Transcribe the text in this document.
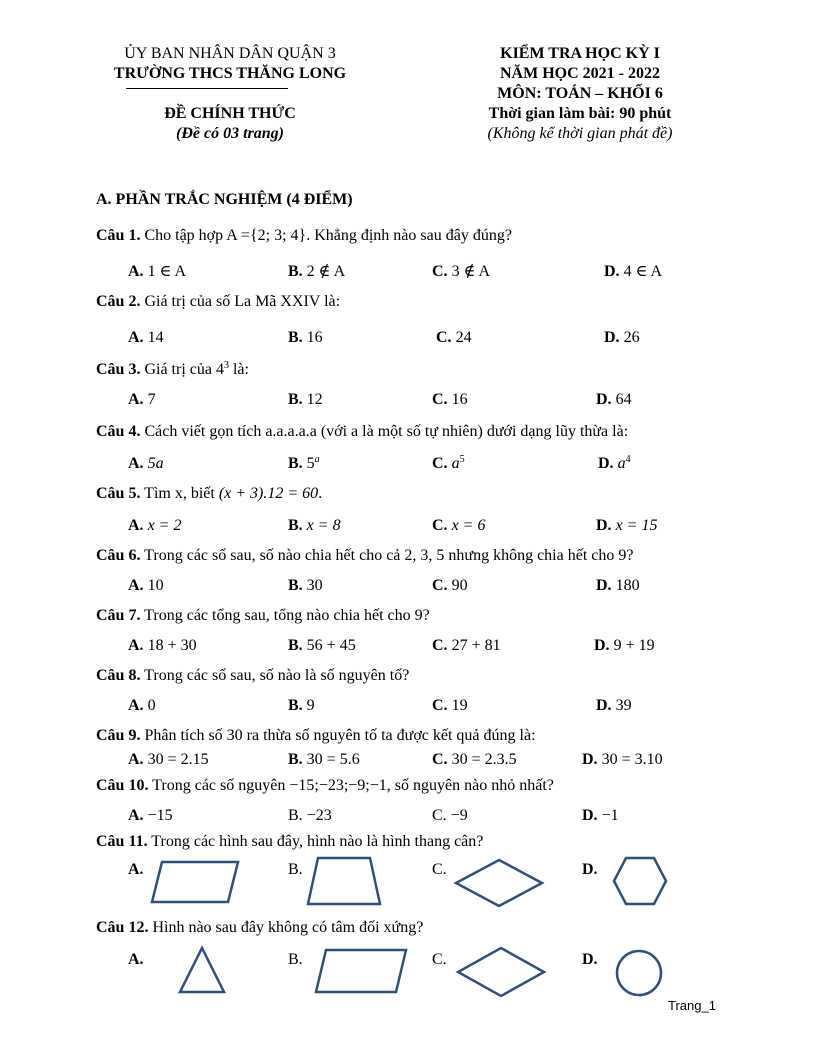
ỦY BAN NHÂN DÂN QUẬN 3
TRƯỜNG THCS THĂNG LONG
ĐỀ CHÍNH THỨC
(Đề có 03 trang)
KIỂM TRA HỌC KỲ I
NĂM HỌC 2021 - 2022
MÔN: TOÁN – KHỐI 6
Thời gian làm bài: 90 phút
(Không kể thời gian phát đề)
A. PHẦN TRẮC NGHIỆM (4 ĐIỂM)
Câu 1. Cho tập hợp A ={2; 3; 4}. Khẳng định nào sau đây đúng?
A. 1 ∈ A	B. 2 ∉ A	C. 3 ∉ A	D. 4 ∈ A
Câu 2. Giá trị của số La Mã XXIV là:
A. 14	B. 16	C. 24	D. 26
Câu 3. Giá trị của $4^3$ là:
A. 7	B. 12	C. 16	D. 64
Câu 4. Cách viết gọn tích a.a.a.a.a (với a là một số tự nhiên) dưới dạng lũy thừa là:
A. 5a	B. 5$^a$	C. $a^5$	D. $a^4$
Câu 5. Tìm x, biết (x + 3).12 = 60.
A. x = 2	B. x = 8	C. x = 6	D. x = 15
Câu 6. Trong các số sau, số nào chia hết cho cả 2, 3, 5 nhưng không chia hết cho 9?
A. 10	B. 30	C. 90	D. 180
Câu 7. Trong các tổng sau, tổng nào chia hết cho 9?
A. 18 + 30	B. 56 + 45	C. 27 + 81	D. 9 + 19
Câu 8. Trong các số sau, số nào là số nguyên tố?
A. 0	B. 9	C. 19	D. 39
Câu 9. Phân tích số 30 ra thừa số nguyên tố ta được kết quả đúng là:
A. 30 = 2.15	B. 30 = 5.6	C. 30 = 2.3.5	D. 30 = 3.10
Câu 10. Trong các số nguyên −15;−23;−9;−1, số nguyên nào nhỏ nhất?
A. −15	B. −23	C. −9	D. −1
Câu 11. Trong các hình sau đây, hình nào là hình thang cân?
A.	B.	C.	D.
Câu 12. Hình nào sau đây không có tâm đối xứng?
A.	B.	C.	D.
Trang_1
